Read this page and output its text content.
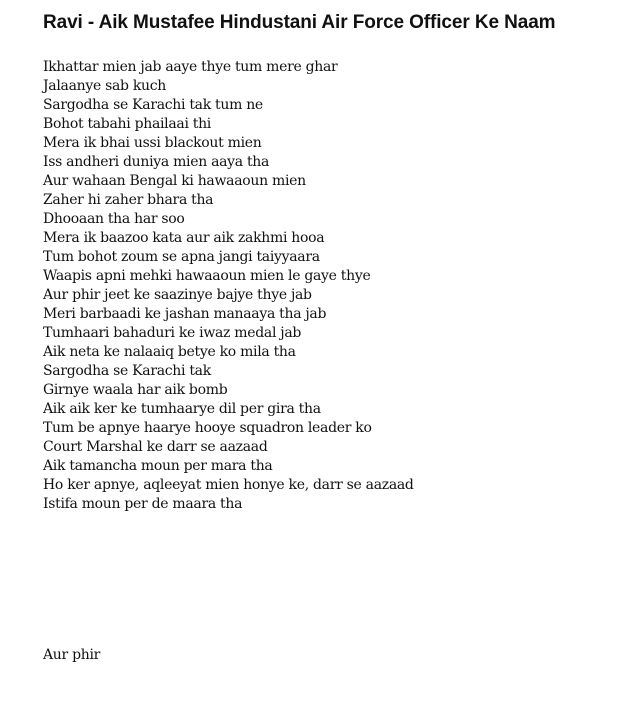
Ravi - Aik Mustafee Hindustani Air Force Officer Ke Naam
Ikhattar mien jab aaye thye tum mere ghar
Jalaanye sab kuch
Sargodha se Karachi tak tum ne
Bohot tabahi phailaai thi
Mera ik bhai ussi blackout mien
Iss andheri duniya mien aaya tha
Aur wahaan Bengal ki hawaaoun mien
Zaher hi zaher bhara tha
Dhooaan tha har soo
Mera ik baazoo kata aur aik zakhmi hooa
Tum bohot zoum se apna jangi taiyyaara
Waapis apni mehki hawaaoun mien le gaye thye
Aur phir jeet ke saazinye bajye thye jab
Meri barbaadi ke jashan manaaya tha jab
Tumhaari bahaduri ke iwaz medal jab
Aik neta ke nalaaiq betye ko mila tha
Sargodha se Karachi tak
Girnye waala har aik bomb
Aik aik ker ke tumhaarye dil per gira tha
Tum be apnye haarye hooye squadron leader ko
Court Marshal ke darr se aazaad
Aik tamancha moun per mara tha
Ho ker apnye, aqleeyat mien honye ke, darr se aazaad
Istifa moun per de maara tha

Aur phir
